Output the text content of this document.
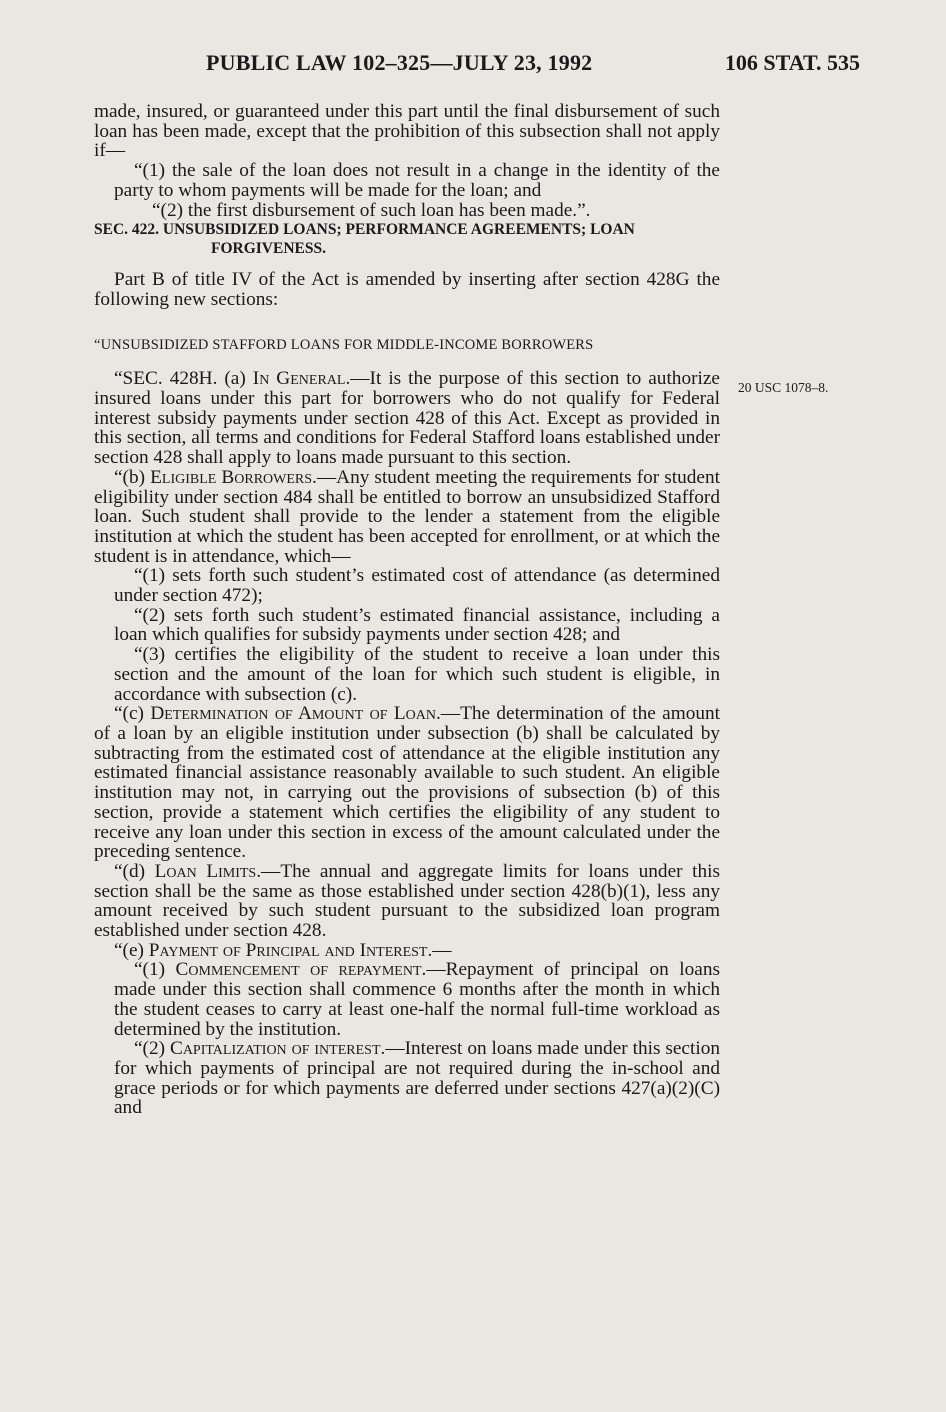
PUBLIC LAW 102–325—JULY 23, 1992	106 STAT. 535
20 USC 1078–8.

made, insured, or guaranteed under this part until the final disbursement of such loan has been made, except that the prohibition of this subsection shall not apply if—

“(1) the sale of the loan does not result in a change in the identity of the party to whom payments will be made for the loan; and

“(2) the first disbursement of such loan has been made.”.

SEC. 422. UNSUBSIDIZED LOANS; PERFORMANCE AGREEMENTS; LOAN
FORGIVENESS.

Part B of title IV of the Act is amended by inserting after section 428G the following new sections:

“UNSUBSIDIZED STAFFORD LOANS FOR MIDDLE-INCOME BORROWERS

“SEC. 428H. (a) In General.—It is the purpose of this section to authorize insured loans under this part for borrowers who do not qualify for Federal interest subsidy payments under section 428 of this Act. Except as provided in this section, all terms and conditions for Federal Stafford loans established under section 428 shall apply to loans made pursuant to this section.

“(b) Eligible Borrowers.—Any student meeting the requirements for student eligibility under section 484 shall be entitled to borrow an unsubsidized Stafford loan. Such student shall provide to the lender a statement from the eligible institution at which the student has been accepted for enrollment, or at which the student is in attendance, which—

“(1) sets forth such student’s estimated cost of attendance (as determined under section 472);

“(2) sets forth such student’s estimated financial assistance, including a loan which qualifies for subsidy payments under section 428; and

“(3) certifies the eligibility of the student to receive a loan under this section and the amount of the loan for which such student is eligible, in accordance with subsection (c).

“(c) Determination of Amount of Loan.—The determination of the amount of a loan by an eligible institution under subsection (b) shall be calculated by subtracting from the estimated cost of attendance at the eligible institution any estimated financial assistance reasonably available to such student. An eligible institution may not, in carrying out the provisions of subsection (b) of this section, provide a statement which certifies the eligibility of any student to receive any loan under this section in excess of the amount calculated under the preceding sentence.

“(d) Loan Limits.—The annual and aggregate limits for loans under this section shall be the same as those established under section 428(b)(1), less any amount received by such student pursuant to the subsidized loan program established under section 428.

“(e) Payment of Principal and Interest.—

“(1) Commencement of repayment.—Repayment of principal on loans made under this section shall commence 6 months after the month in which the student ceases to carry at least one-half the normal full-time workload as determined by the institution.

“(2) Capitalization of interest.—Interest on loans made under this section for which payments of principal are not required during the in-school and grace periods or for which payments are deferred under sections 427(a)(2)(C) and
